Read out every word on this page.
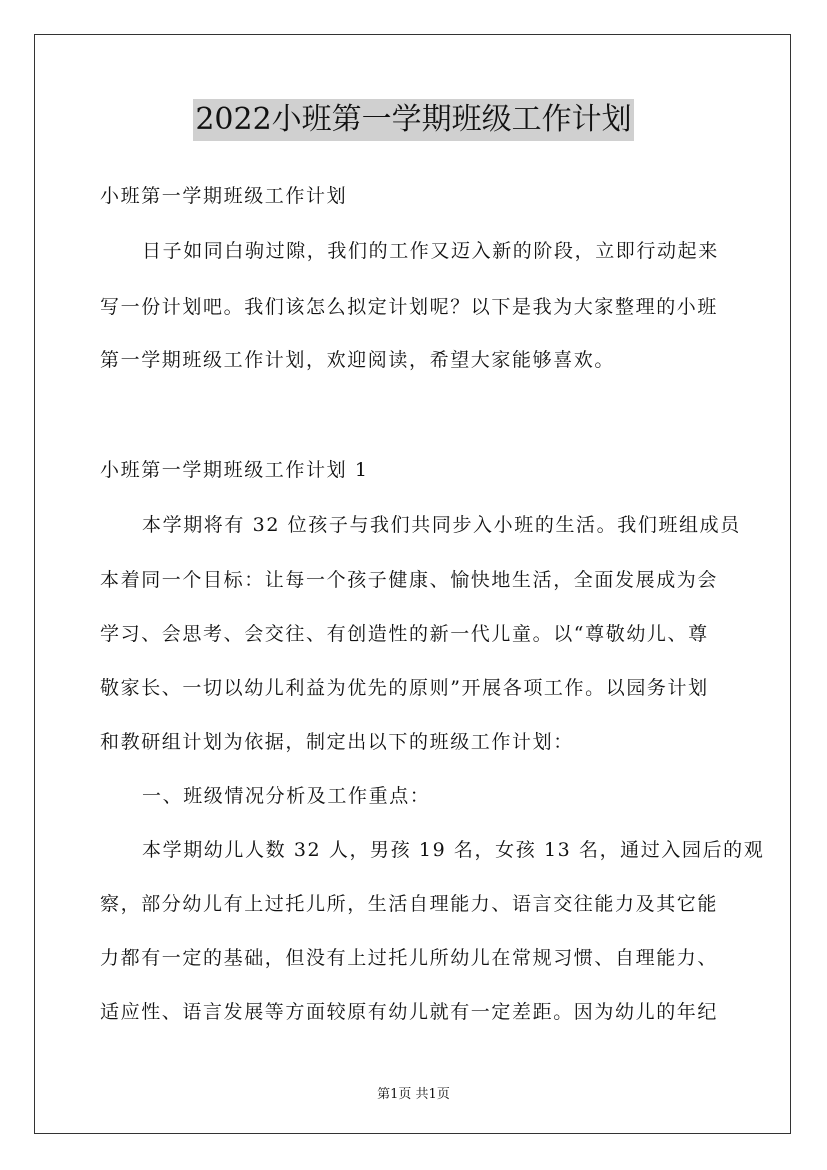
2022小班第一学期班级工作计划
小班第一学期班级工作计划
日子如同白驹过隙，我们的工作又迈入新的阶段，立即行动起来
写一份计划吧。我们该怎么拟定计划呢？以下是我为大家整理的小班
第一学期班级工作计划，欢迎阅读，希望大家能够喜欢。
小班第一学期班级工作计划 1
本学期将有 32 位孩子与我们共同步入小班的生活。我们班组成员
本着同一个目标：让每一个孩子健康、愉快地生活，全面发展成为会
学习、会思考、会交往、有创造性的新一代儿童。以“尊敬幼儿、尊
敬家长、一切以幼儿利益为优先的原则”开展各项工作。以园务计划
和教研组计划为依据，制定出以下的班级工作计划：
一、班级情况分析及工作重点：
本学期幼儿人数 32 人，男孩 19 名，女孩 13 名，通过入园后的观
察，部分幼儿有上过托儿所，生活自理能力、语言交往能力及其它能
力都有一定的基础，但没有上过托儿所幼儿在常规习惯、自理能力、
适应性、语言发展等方面较原有幼儿就有一定差距。因为幼儿的年纪
第1页 共1页
